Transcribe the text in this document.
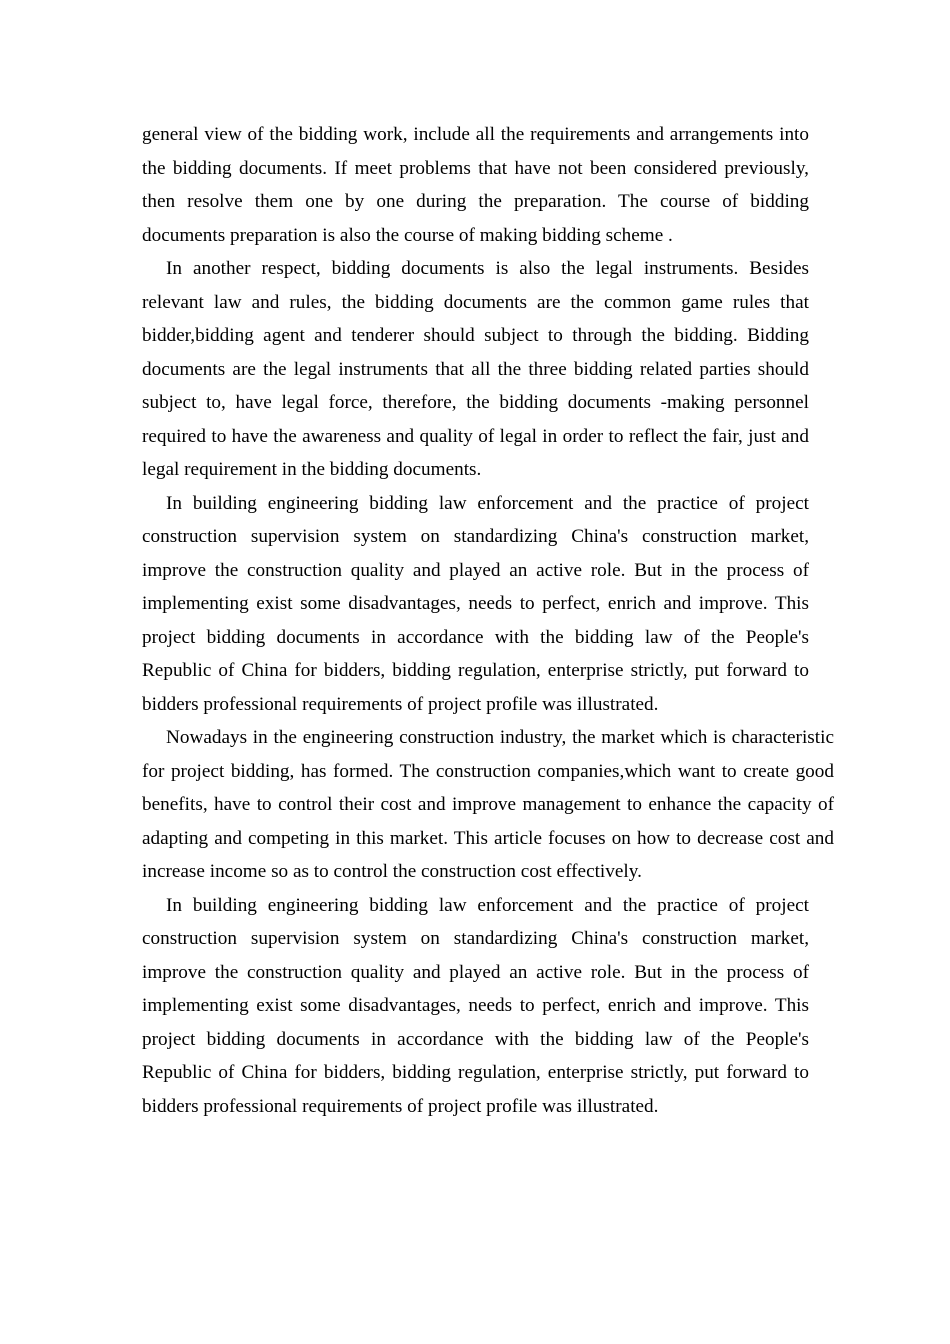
general view of the bidding work, include all the requirements and arrangements into the bidding documents. If meet problems that have not been considered previously, then resolve them one by one during the preparation. The course of bidding documents preparation is also the course of making bidding scheme .

In another respect, bidding documents is also the legal instruments. Besides relevant law and rules, the bidding documents are the common game rules that bidder,bidding agent and tenderer should subject to through the bidding. Bidding documents are the legal instruments that all the three bidding related parties should subject to, have legal force, therefore, the bidding documents -making personnel required to have the awareness and quality of legal in order to reflect the fair, just and legal requirement in the bidding documents.

In building engineering bidding law enforcement and the practice of project construction supervision system on standardizing China's construction market, improve the construction quality and played an active role. But in the process of implementing exist some disadvantages, needs to perfect, enrich and improve. This project bidding documents in accordance with the bidding law of the People's Republic of China for bidders, bidding regulation, enterprise strictly, put forward to bidders professional requirements of project profile was illustrated.

Nowadays in the engineering construction industry, the market which is characteristic for project bidding, has formed. The construction companies,which want to create good benefits, have to control their cost and improve management to enhance the capacity of adapting and competing in this market. This article focuses on how to decrease cost and increase income so as to control the construction cost effectively.

In building engineering bidding law enforcement and the practice of project construction supervision system on standardizing China's construction market, improve the construction quality and played an active role. But in the process of implementing exist some disadvantages, needs to perfect, enrich and improve. This project bidding documents in accordance with the bidding law of the People's Republic of China for bidders, bidding regulation, enterprise strictly, put forward to bidders professional requirements of project profile was illustrated.
